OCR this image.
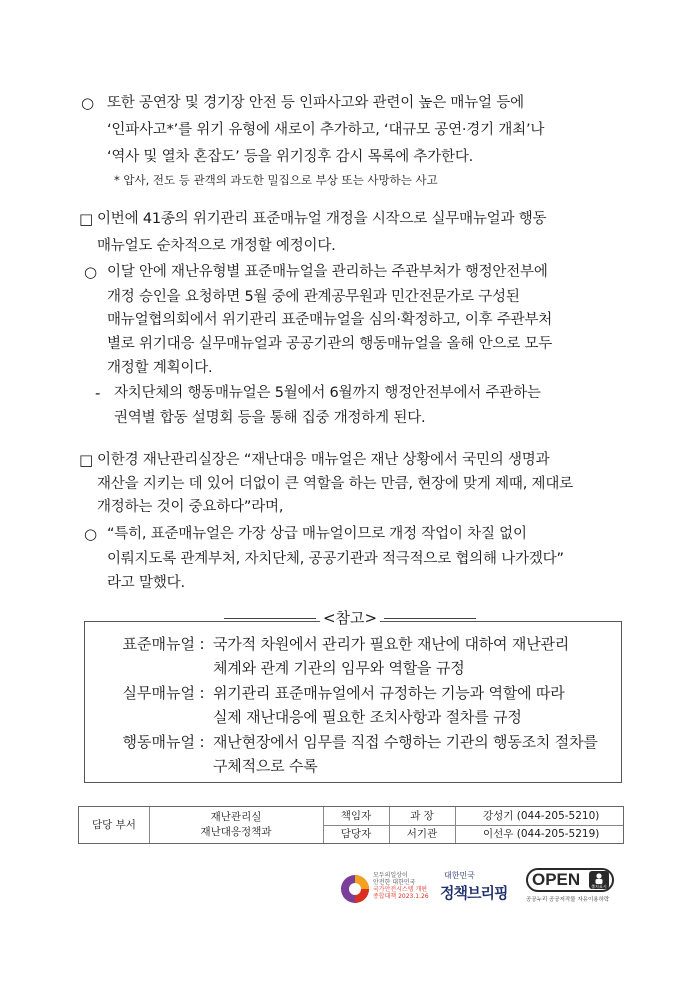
○ 또한 공연장 및 경기장 안전 등 인파사고와 관련이 높은 매뉴얼 등에
‘인파사고*’를 위기 유형에 새로이 추가하고, ‘대규모 공연·경기 개최’나
‘역사 및 열차 혼잡도’ 등을 위기징후 감시 목록에 추가한다.
* 압사, 전도 등 관객의 과도한 밀집으로 부상 또는 사망하는 사고
□ 이번에 41종의 위기관리 표준매뉴얼 개정을 시작으로 실무매뉴얼과 행동
매뉴얼도 순차적으로 개정할 예정이다.
○ 이달 안에 재난유형별 표준매뉴얼을 관리하는 주관부처가 행정안전부에
개정 승인을 요청하면 5월 중에 관계공무원과 민간전문가로 구성된
매뉴얼협의회에서 위기관리 표준매뉴얼을 심의·확정하고, 이후 주관부처
별로 위기대응 실무매뉴얼과 공공기관의 행동매뉴얼을 올해 안으로 모두
개정할 계획이다.
- 자치단체의 행동매뉴얼은 5월에서 6월까지 행정안전부에서 주관하는
권역별 합동 설명회 등을 통해 집중 개정하게 된다.
□ 이한경 재난관리실장은 “재난대응 매뉴얼은 재난 상황에서 국민의 생명과
재산을 지키는 데 있어 더없이 큰 역할을 하는 만큼, 현장에 맞게 제때, 제대로
개정하는 것이 중요하다”라며,
○ “특히, 표준매뉴얼은 가장 상급 매뉴얼이므로 개정 작업이 차질 없이
이뤄지도록 관계부처, 자치단체, 공공기관과 적극적으로 협의해 나가겠다”
라고 말했다.
표준매뉴얼 : 국가적 차원에서 관리가 필요한 재난에 대하여 재난관리
체계와 관계 기관의 임무와 역할을 규정
실무매뉴얼 : 위기관리 표준매뉴얼에서 규정하는 기능과 역할에 따라
실제 재난대응에 필요한 조치사항과 절차를 규정
행동매뉴얼 : 재난현장에서 임무를 직접 수행하는 기관의 행동조치 절차를
구체적으로 수록
<참고>
담당 부서
재난관리실
재난대응정책과
책임자
담당자
과 장
서기관
강성기
(044-205-5210)
이선우
(044-205-5219)
모두의일상이
안전한 대한민국
국가안전시스템 개편
종합대책 2023.1.26
대한민국
정책브리핑
OPEN	출처표시
공공누리 공공저작물 자유이용허락
